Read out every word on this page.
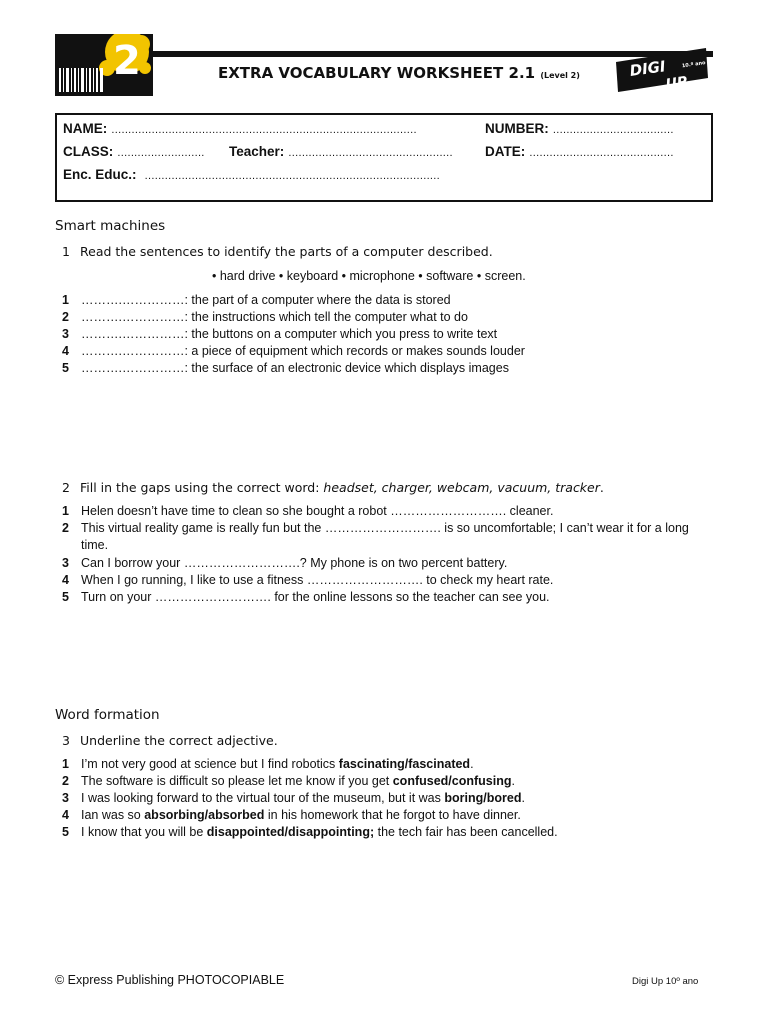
2	EXTRA VOCABULARY WORKSHEET 2.1 (Level 2)	DIGI
UP
10.º ano
NAME: ...........................................................................................	NUMBER: ....................................
CLASS: .......................... Teacher: ................................................. DATE: ...........................................
Enc. Educ.: ........................................................................................
Smart machines
1 Read the sentences to identify the parts of a computer described.
• hard drive • keyboard • microphone • software • screen.
1 ……….……………: the part of a computer where the data is stored
2 ……….……………: the instructions which tell the computer what to do
3 ……….……………: the buttons on a computer which you press to write text
4 ……….……………: a piece of equipment which records or makes sounds louder
5 ……….……………: the surface of an electronic device which displays images
2 Fill in the gaps using the correct word: headset, charger, webcam, vacuum, tracker.
1 Helen doesn’t have time to clean so she bought a robot ………………………. cleaner.
2 This virtual reality game is really fun but the ………………………. is so uncomfortable; I can’t wear it for a long time.
3 Can I borrow your ……………………….? My phone is on two percent battery.
4 When I go running, I like to use a fitness ………………………. to check my heart rate.
5 Turn on your ………………………. for the online lessons so the teacher can see you.
Word formation
3 Underline the correct adjective.
1 I’m not very good at science but I find robotics fascinating/fascinated.
2 The software is difficult so please let me know if you get confused/confusing.
3 I was looking forward to the virtual tour of the museum, but it was boring/bored.
4 Ian was so absorbing/absorbed in his homework that he forgot to have dinner.
5 I know that you will be disappointed/disappointing; the tech fair has been cancelled.
© Express Publishing PHOTOCOPIABLE	Digi Up 10º ano
